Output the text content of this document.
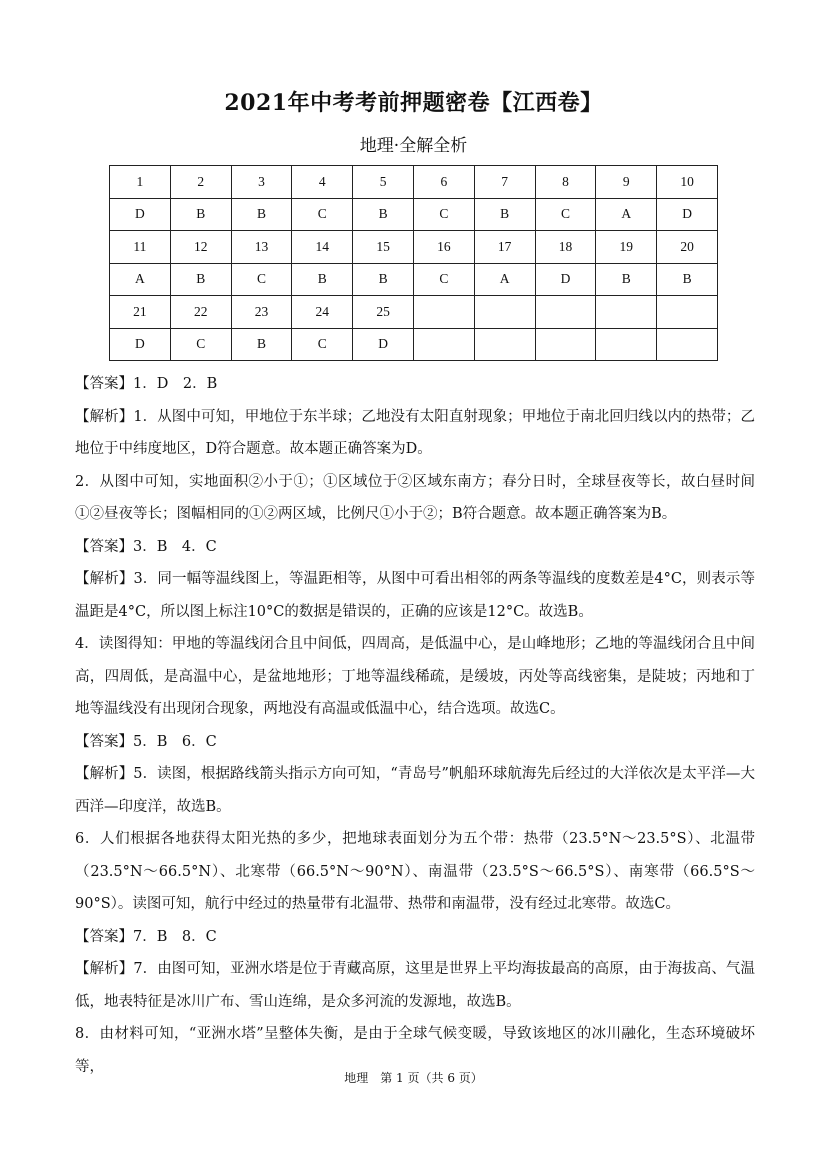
2021年中考考前押题密卷【江西卷】
地理·全解全析
1	2	3	4	5	6	7	8	9	10
D	B	B	C	B	C	B	C	A	D
11	12	13	14	15	16	17	18	19	20
A	B	C	B	B	C	A	D	B	B
21	22	23	24	25					
D	C	B	C	D					

【答案】1．D　2．B

【解析】1．从图中可知，甲地位于东半球；乙地没有太阳直射现象；甲地位于南北回归线以内的热带；乙地位于中纬度地区，D符合题意。故本题正确答案为D。

2．从图中可知，实地面积②小于①；①区域位于②区域东南方；春分日时，全球昼夜等长，故白昼时间①②昼夜等长；图幅相同的①②两区域，比例尺①小于②；B符合题意。故本题正确答案为B。

【答案】3．B　4．C

【解析】3．同一幅等温线图上，等温距相等，从图中可看出相邻的两条等温线的度数差是4°C，则表示等温距是4°C，所以图上标注10°C的数据是错误的，正确的应该是12°C。故选B。

4．读图得知：甲地的等温线闭合且中间低，四周高，是低温中心，是山峰地形；乙地的等温线闭合且中间高，四周低，是高温中心，是盆地地形；丁地等温线稀疏，是缓坡，丙处等高线密集，是陡坡；丙地和丁地等温线没有出现闭合现象，两地没有高温或低温中心，结合选项。故选C。

【答案】5．B　6．C

【解析】5．读图，根据路线箭头指示方向可知，“青岛号”帆船环球航海先后经过的大洋依次是太平洋—大西洋—印度洋，故选B。

6．人们根据各地获得太阳光热的多少，把地球表面划分为五个带：热带（23.5°N～23.5°S）、北温带（23.5°N～66.5°N）、北寒带（66.5°N～90°N）、南温带（23.5°S～66.5°S）、南寒带（66.5°S～90°S）。读图可知，航行中经过的热量带有北温带、热带和南温带，没有经过北寒带。故选C。

【答案】7．B　8．C

【解析】7．由图可知，亚洲水塔是位于青藏高原，这里是世界上平均海拔最高的高原，由于海拔高、气温低，地表特征是冰川广布、雪山连绵，是众多河流的发源地，故选B。

8．由材料可知，“亚洲水塔”呈整体失衡，是由于全球气候变暖，导致该地区的冰川融化，生态环境破坏等，

地理　第 1 页（共 6 页）
